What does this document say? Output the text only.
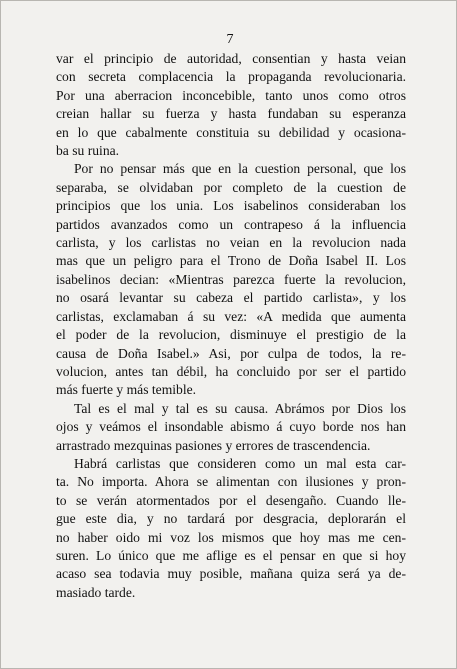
7
var el principio de autoridad, consentian y hasta veian
con secreta complacencia la propaganda revolucionaria.
Por una aberracion inconcebible, tanto unos como otros
creian hallar su fuerza y hasta fundaban su esperanza
en lo que cabalmente constituia su debilidad y ocasiona-
ba su ruina.
Por no pensar más que en la cuestion personal, que los
separaba, se olvidaban por completo de la cuestion de
principios que los unia. Los isabelinos consideraban los
partidos avanzados como un contrapeso á la influencia
carlista, y los carlistas no veian en la revolucion nada
mas que un peligro para el Trono de Doña Isabel II. Los
isabelinos decian: «Mientras parezca fuerte la revolucion,
no osará levantar su cabeza el partido carlista», y los
carlistas, exclamaban á su vez: «A medida que aumenta
el poder de la revolucion, disminuye el prestigio de la
causa de Doña Isabel.» Asi, por culpa de todos, la re-
volucion, antes tan débil, ha concluido por ser el partido
más fuerte y más temible.
Tal es el mal y tal es su causa. Abrámos por Dios los
ojos y veámos el insondable abismo á cuyo borde nos han
arrastrado mezquinas pasiones y errores de trascendencia.
Habrá carlistas que consideren como un mal esta car-
ta. No importa. Ahora se alimentan con ilusiones y pron-
to se verán atormentados por el desengaño. Cuando lle-
gue este dia, y no tardará por desgracia, deplorarán el
no haber oido mi voz los mismos que hoy mas me cen-
suren. Lo único que me aflige es el pensar en que si hoy
acaso sea todavia muy posible, mañana quiza será ya de-
masiado tarde.
